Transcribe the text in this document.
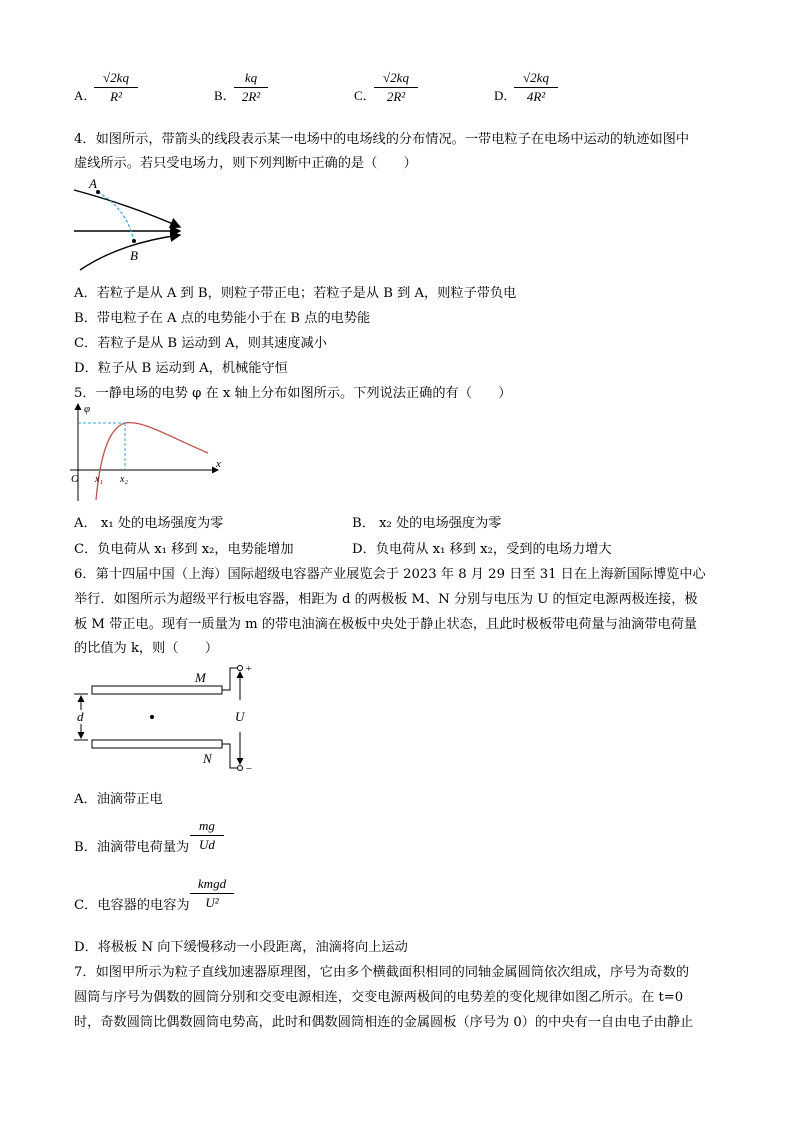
A．
√2kq
R²	B．
kq
2R²	C．
√2kq
2R²	D．
√2kq
4R²
4．如图所示，带箭头的线段表示某一电场中的电场线的分布情况。一带电粒子在电场中运动的轨迹如图中
虚线所示。若只受电场力，则下列判断中正确的是（　　）
A
B
A．若粒子是从 A 到 B，则粒子带正电；若粒子是从 B 到 A，则粒子带负电
B．带电粒子在 A 点的电势能小于在 B 点的电势能
C．若粒子是从 B 运动到 A，则其速度减小
D．粒子从 B 运动到 A，机械能守恒
5．一静电场的电势 φ 在 x 轴上分布如图所示。下列说法正确的有（　　）
φ
x
O x₁ x₂
A． x₁ 处的电场强度为零	B． x₂ 处的电场强度为零
C．负电荷从 x₁ 移到 x₂，电势能增加	D．负电荷从 x₁ 移到 x₂，受到的电场力增大
6．第十四届中国（上海）国际超级电容器产业展览会于 2023 年 8 月 29 日至 31 日在上海新国际博览中心
举行．如图所示为超级平行板电容器，相距为 d 的两极板 M、N 分别与电压为 U 的恒定电源两极连接，极
板 M 带正电。现有一质量为 m 的带电油滴在极板中央处于静止状态，且此时极板带电荷量与油滴带电荷量
的比值为 k，则（　　）
+
−
U
d
M
N
A．油滴带正电
B．油滴带电荷量为
mg
Ud
C．电容器的电容为
kmgd
U²
D．将极板 N 向下缓慢移动一小段距离，油滴将向上运动
7．如图甲所示为粒子直线加速器原理图，它由多个横截面积相同的同轴金属圆筒依次组成，序号为奇数的
圆筒与序号为偶数的圆筒分别和交变电源相连，交变电源两极间的电势差的变化规律如图乙所示。在 t=0
时，奇数圆筒比偶数圆筒电势高，此时和偶数圆筒相连的金属圆板（序号为 0）的中央有一自由电子由静止
